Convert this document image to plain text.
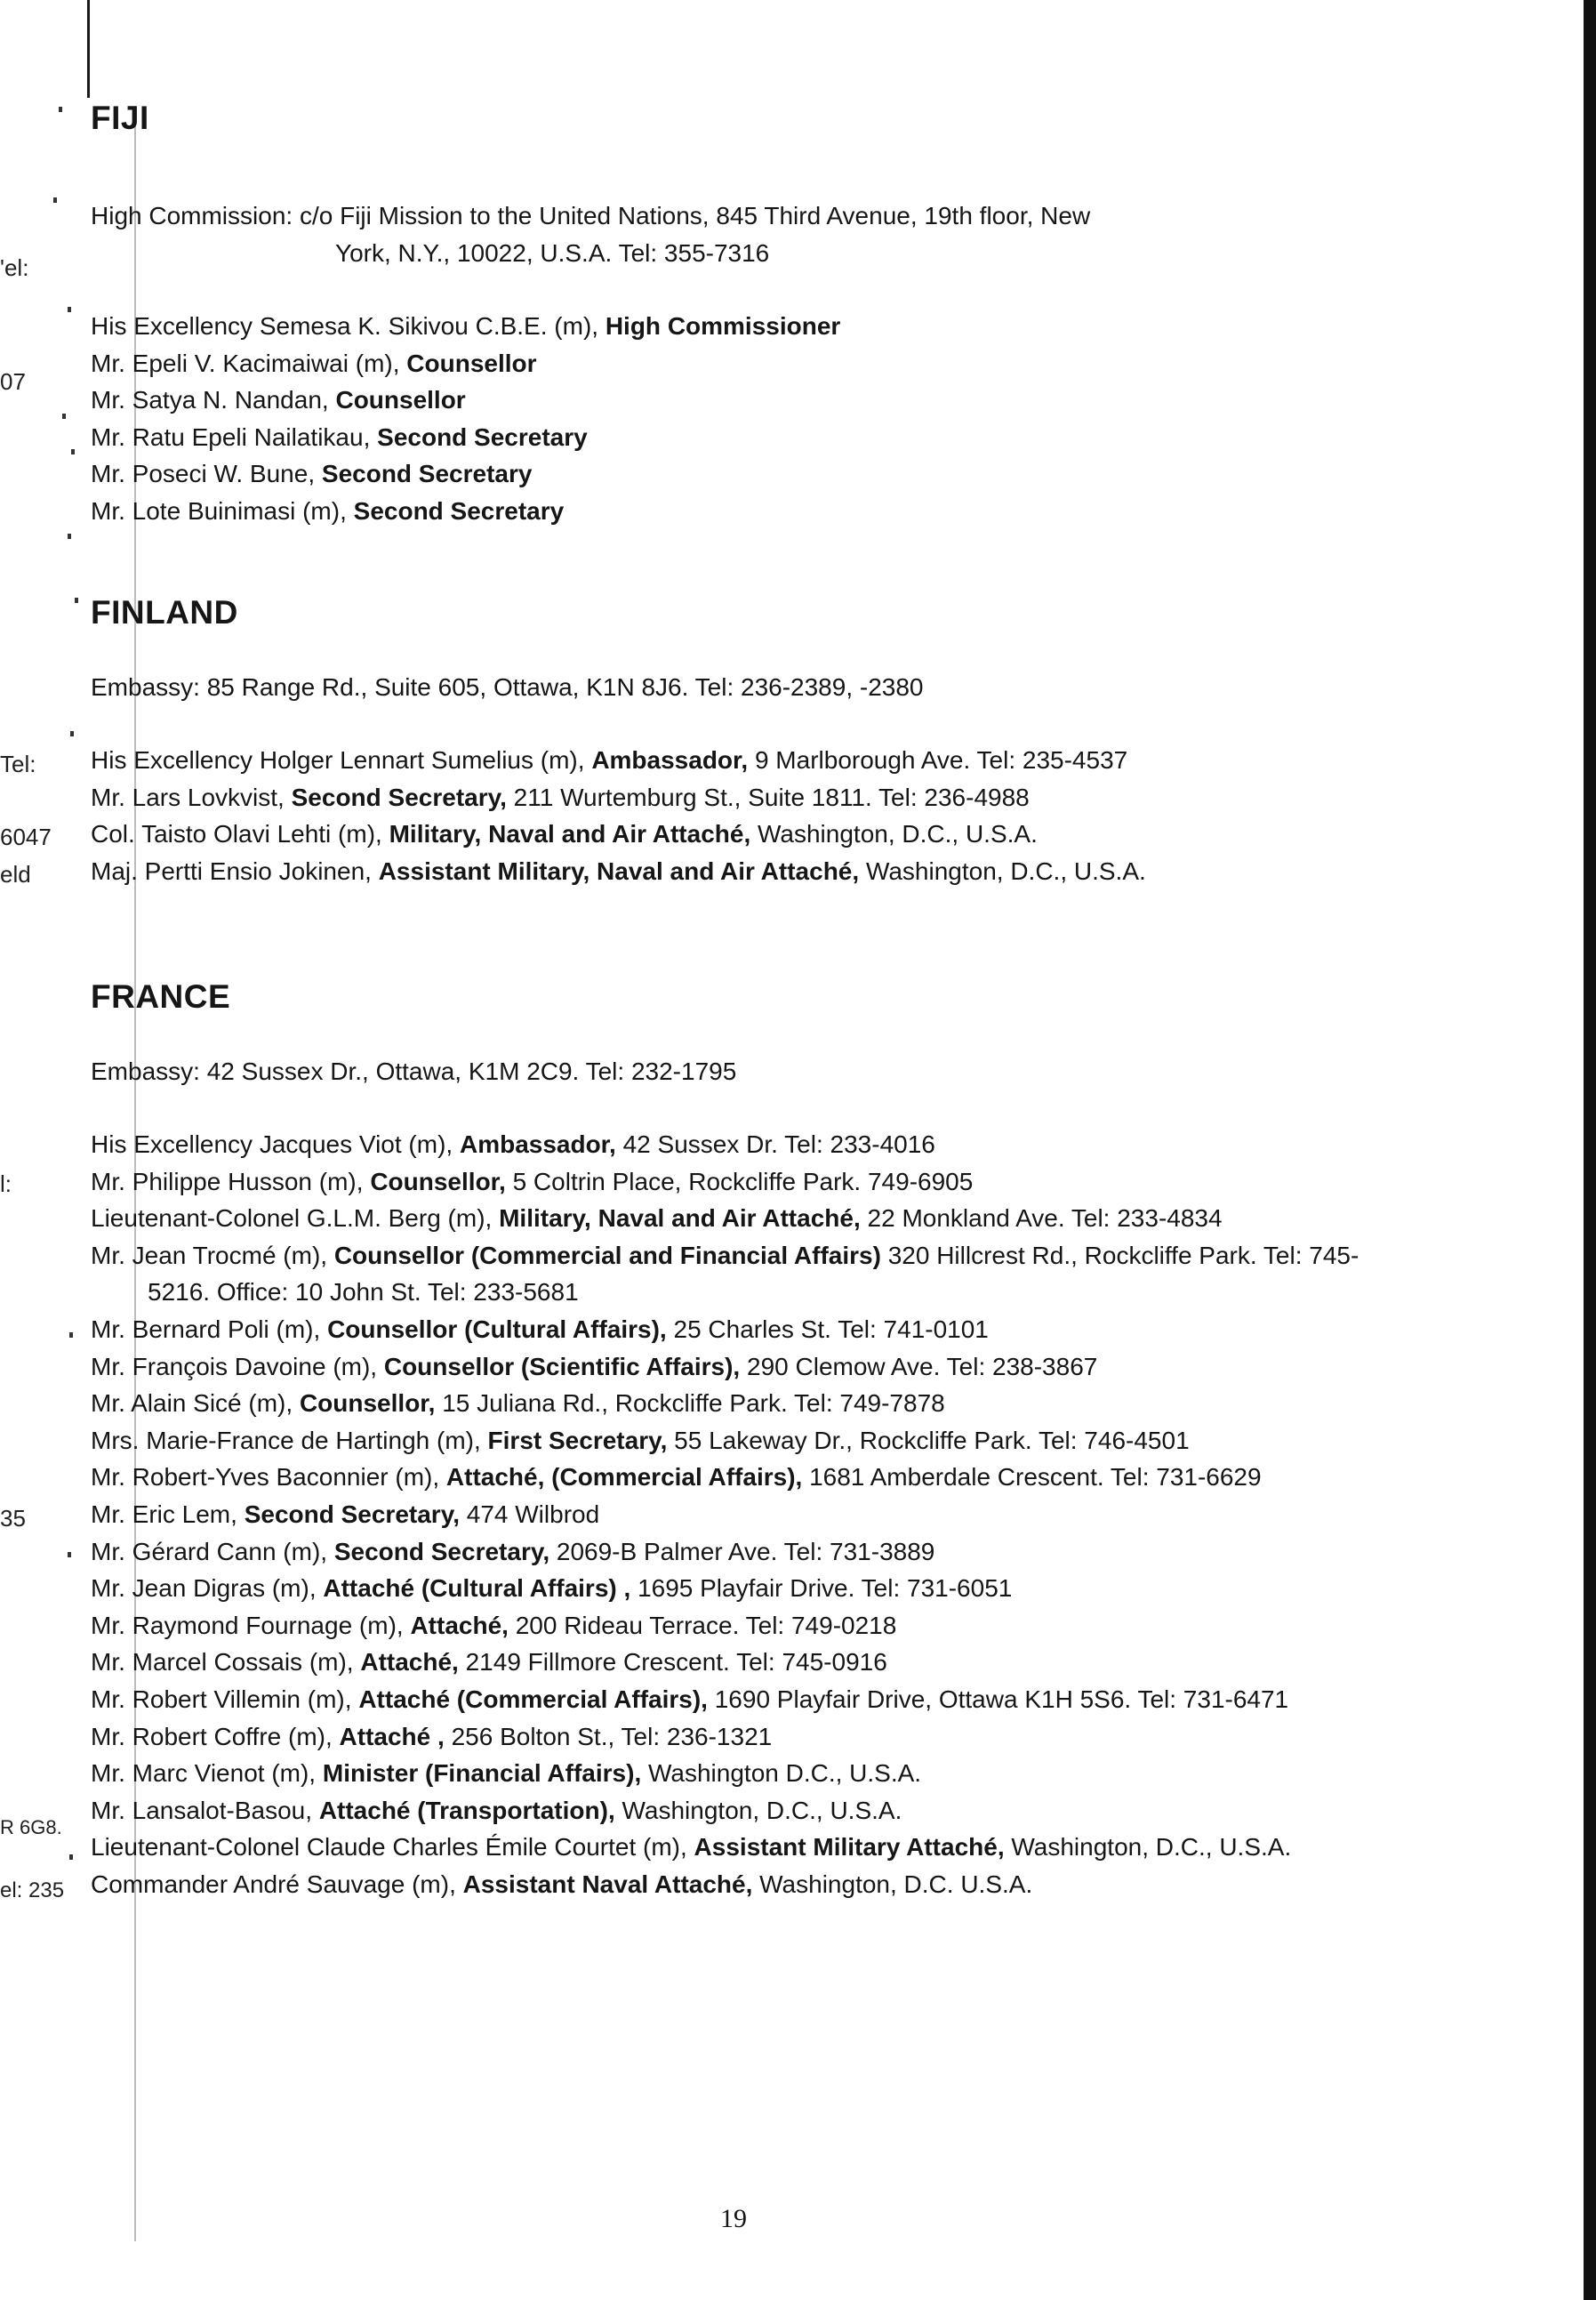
'el:
07
Tel:
6047
eld
l:
35
R 6G8.
el: 235
FIJI

High Commission: c/o Fiji Mission to the United Nations, 845 Third Avenue, 19th floor, New
York, N.Y., 10022, U.S.A. Tel: 355-7316

His Excellency Semesa K. Sikivou C.B.E. (m), High Commissioner
Mr. Epeli V. Kacimaiwai (m), Counsellor
Mr. Satya N. Nandan, Counsellor
Mr. Ratu Epeli Nailatikau, Second Secretary
Mr. Poseci W. Bune, Second Secretary
Mr. Lote Buinimasi (m), Second Secretary
FINLAND

Embassy: 85 Range Rd., Suite 605, Ottawa, K1N 8J6. Tel: 236-2389, -2380

His Excellency Holger Lennart Sumelius (m), Ambassador, 9 Marlborough Ave. Tel: 235-4537
Mr. Lars Lovkvist, Second Secretary, 211 Wurtemburg St., Suite 1811. Tel: 236-4988
Col. Taisto Olavi Lehti (m), Military, Naval and Air Attaché, Washington, D.C., U.S.A.
Maj. Pertti Ensio Jokinen, Assistant Military, Naval and Air Attaché, Washington, D.C., U.S.A.
FRANCE

Embassy: 42 Sussex Dr., Ottawa, K1M 2C9. Tel: 232-1795

His Excellency Jacques Viot (m), Ambassador, 42 Sussex Dr. Tel: 233-4016
Mr. Philippe Husson (m), Counsellor, 5 Coltrin Place, Rockcliffe Park. 749-6905
Lieutenant-Colonel G.L.M. Berg (m), Military, Naval and Air Attaché, 22 Monkland Ave. Tel: 233-4834
Mr. Jean Trocmé (m), Counsellor (Commercial and Financial Affairs) 320 Hillcrest Rd., Rockcliffe Park. Tel: 745-5216. Office: 10 John St. Tel: 233-5681
Mr. Bernard Poli (m), Counsellor (Cultural Affairs), 25 Charles St. Tel: 741-0101
Mr. François Davoine (m), Counsellor (Scientific Affairs), 290 Clemow Ave. Tel: 238-3867
Mr. Alain Sicé (m), Counsellor, 15 Juliana Rd., Rockcliffe Park. Tel: 749-7878
Mrs. Marie-France de Hartingh (m), First Secretary, 55 Lakeway Dr., Rockcliffe Park. Tel: 746-4501
Mr. Robert-Yves Baconnier (m), Attaché, (Commercial Affairs), 1681 Amberdale Crescent. Tel: 731-6629
Mr. Eric Lem, Second Secretary, 474 Wilbrod
Mr. Gérard Cann (m), Second Secretary, 2069-B Palmer Ave. Tel: 731-3889
Mr. Jean Digras (m), Attaché (Cultural Affairs) , 1695 Playfair Drive. Tel: 731-6051
Mr. Raymond Fournage (m), Attaché, 200 Rideau Terrace. Tel: 749-0218
Mr. Marcel Cossais (m), Attaché, 2149 Fillmore Crescent. Tel: 745-0916
Mr. Robert Villemin (m), Attaché (Commercial Affairs), 1690 Playfair Drive, Ottawa K1H 5S6. Tel: 731-6471
Mr. Robert Coffre (m), Attaché , 256 Bolton St., Tel: 236-1321
Mr. Marc Vienot (m), Minister (Financial Affairs), Washington D.C., U.S.A.
Mr. Lansalot-Basou, Attaché (Transportation), Washington, D.C., U.S.A.
Lieutenant-Colonel Claude Charles Émile Courtet (m), Assistant Military Attaché, Washington, D.C., U.S.A.
Commander André Sauvage (m), Assistant Naval Attaché, Washington, D.C. U.S.A.
19
